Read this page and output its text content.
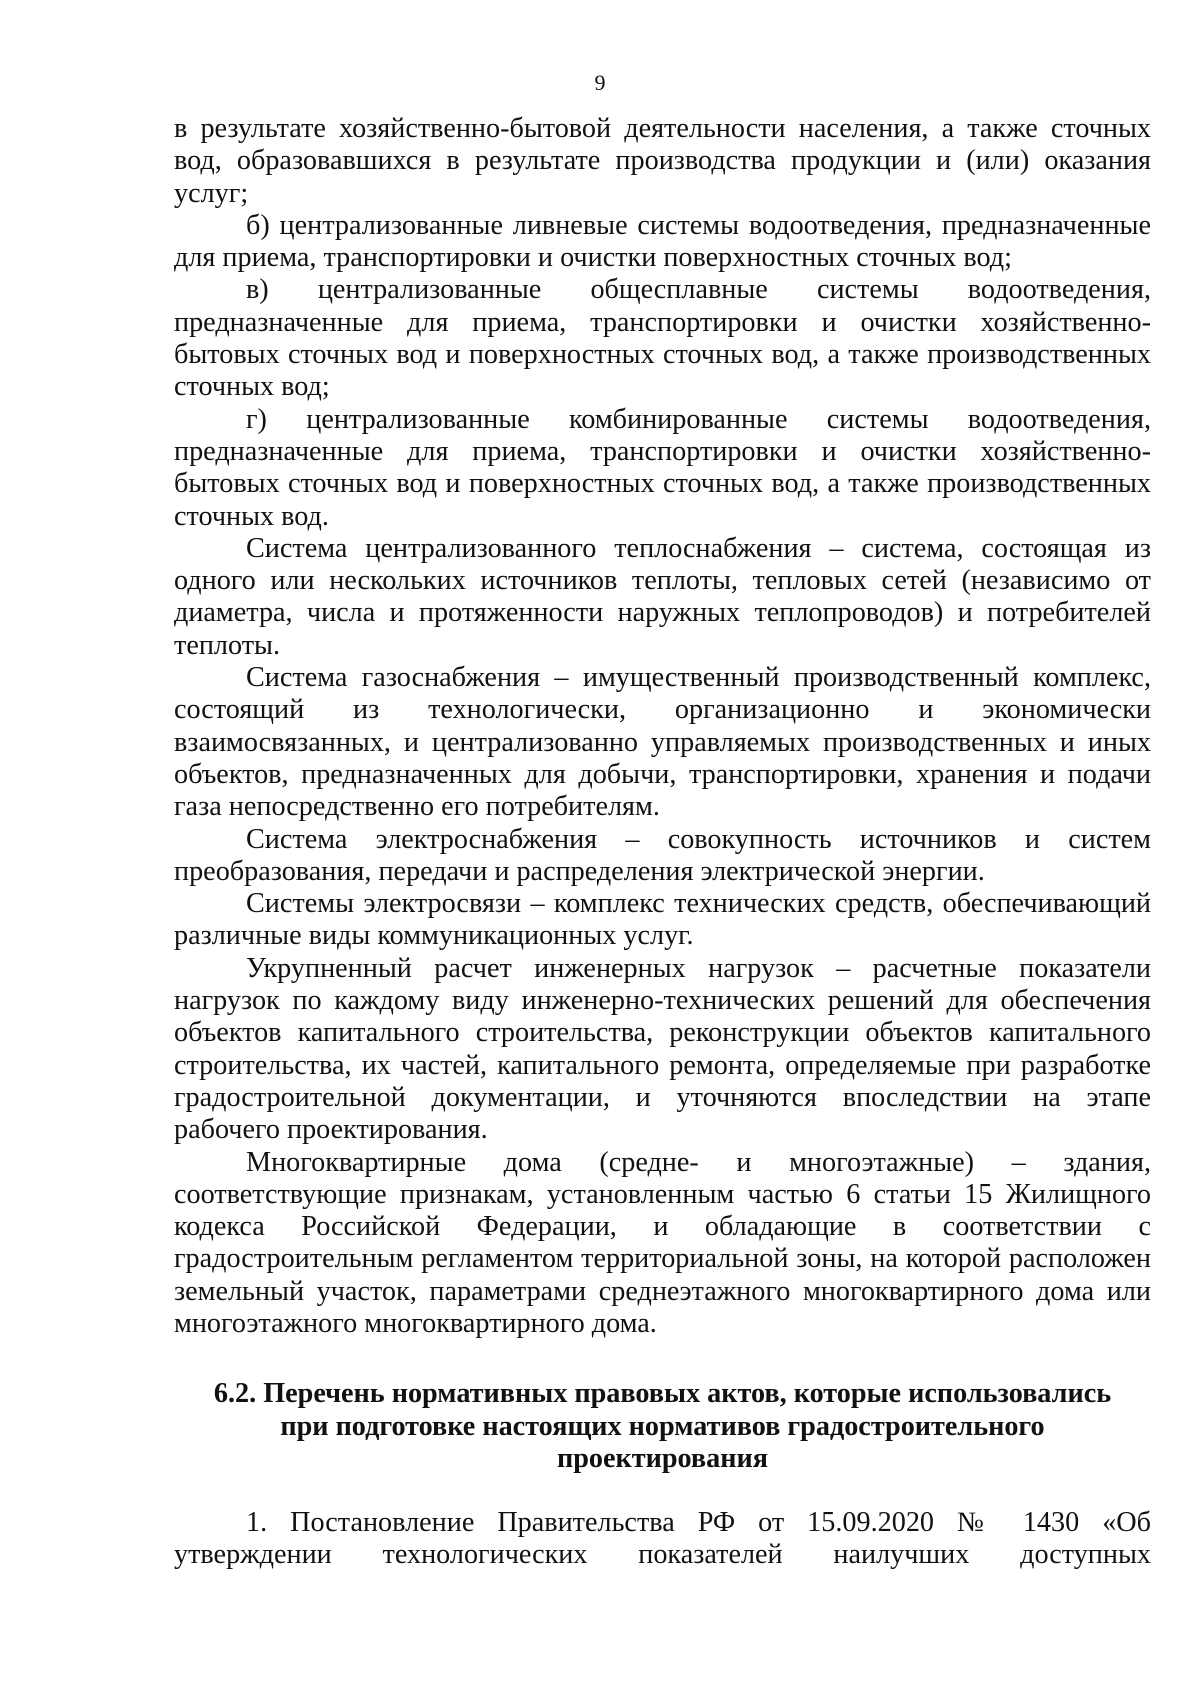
9

в результате хозяйственно-бытовой деятельности населения, а также сточных вод, образовавшихся в результате производства продукции и (или) оказания услуг;

б) централизованные ливневые системы водоотведения, предназначенные для приема, транспортировки и очистки поверхностных сточных вод;

в) централизованные общесплавные системы водоотведения, предназначенные для приема, транспортировки и очистки хозяйственно-бытовых сточных вод и поверхностных сточных вод, а также производственных сточных вод;

г) централизованные комбинированные системы водоотведения, предназначенные для приема, транспортировки и очистки хозяйственно-бытовых сточных вод и поверхностных сточных вод, а также производственных сточных вод.

Система централизованного теплоснабжения – система, состоящая из одного или нескольких источников теплоты, тепловых сетей (независимо от диаметра, числа и протяженности наружных теплопроводов) и потребителей теплоты.

Система газоснабжения – имущественный производственный комплекс, состоящий из технологически, организационно и экономически взаимосвязанных, и централизованно управляемых производственных и иных объектов, предназначенных для добычи, транспортировки, хранения и подачи газа непосредственно его потребителям.

Система электроснабжения – совокупность источников и систем преобразования, передачи и распределения электрической энергии.

Системы электросвязи – комплекс технических средств, обеспечивающий различные виды коммуникационных услуг.

Укрупненный расчет инженерных нагрузок – расчетные показатели нагрузок по каждому виду инженерно-технических решений для обеспечения объектов капитального строительства, реконструкции объектов капитального строительства, их частей, капитального ремонта, определяемые при разработке градостроительной документации, и уточняются впоследствии на этапе рабочего проектирования.

Многоквартирные дома (средне- и многоэтажные) – здания, соответствующие признакам, установленным частью 6 статьи 15 Жилищного кодекса Российской Федерации, и обладающие в соответствии с градостроительным регламентом территориальной зоны, на которой расположен земельный участок, параметрами среднеэтажного многоквартирного дома или многоэтажного многоквартирного дома.

6.2. Перечень нормативных правовых актов, которые использовались
при подготовке настоящих нормативов градостроительного
проектирования

1. Постановление Правительства РФ от 15.09.2020 № 1430 «Об утверждении технологических показателей наилучших доступных
